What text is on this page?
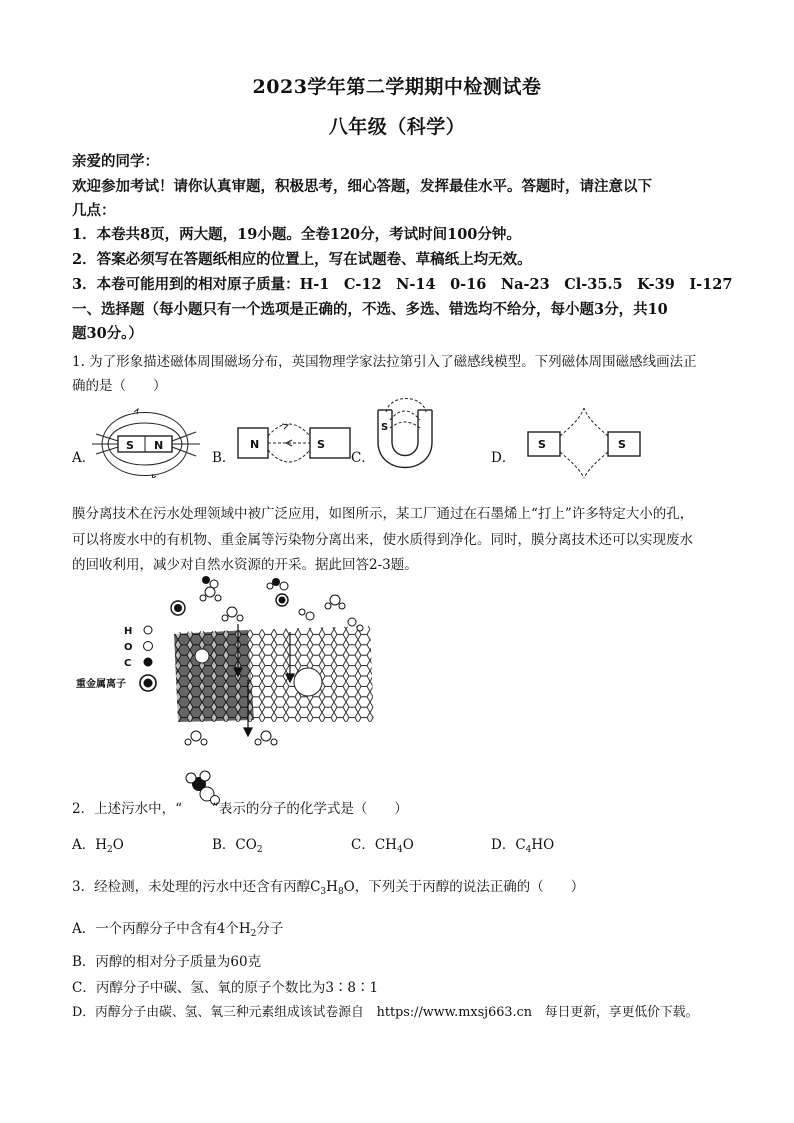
2023学年第二学期期中检测试卷
八年级（科学）
亲爱的同学：
欢迎参加考试！请你认真审题，积极思考，细心答题，发挥最佳水平。答题时，请注意以下
几点：
1．本卷共8页，两大题，19小题。全卷120分，考试时间100分钟。
2．答案必须写在答题纸相应的位置上，写在试题卷、草稿纸上均无效。
3．本卷可能用到的相对原子质量：H-1　C-12　N-14　0-16　Na-23　Cl-35.5　K-39　I-127
一、选择题（每小题只有一个选项是正确的，不选、多选、错选均不给分，每小题3分，共10
题30分。）
1. 为了形象描述磁体周围磁场分布，英国物理学家法拉第引入了磁感线模型。下列磁体周围磁感线画法正
确的是（　　）
S N	N	S
S
S	S
A．	B．	C．	D．
膜分离技术在污水处理领域中被广泛应用，如图所示，某工厂通过在石墨烯上“打上”许多特定大小的孔，
可以将废水中的有机物、重金属等污染物分离出来，使水质得到净化。同时，膜分离技术还可以实现废水
的回收利用，减少对自然水资源的开采。据此回答2-3题。
H
O
C
重金属离子
2．上述污水中，“ ”表示的分子的化学式是（　　）
A．$H_2O$	B．$CO_2$	C．$CH_4O$	D．$C_4HO$
3．经检测，未处理的污水中还含有丙醇$C_3H_8O$，下列关于丙醇的说法正确的（　　）
A．一个丙醇分子中含有4个$H_2$分子
B．丙醇的相对分子质量为60克
C．丙醇分子中碳、氢、氧的原子个数比为3∶8∶1
D．丙醇分子由碳、氢、氧三种元素组成该试卷源自　https://www.mxsj663.cn　每日更新，享更低价下载。
